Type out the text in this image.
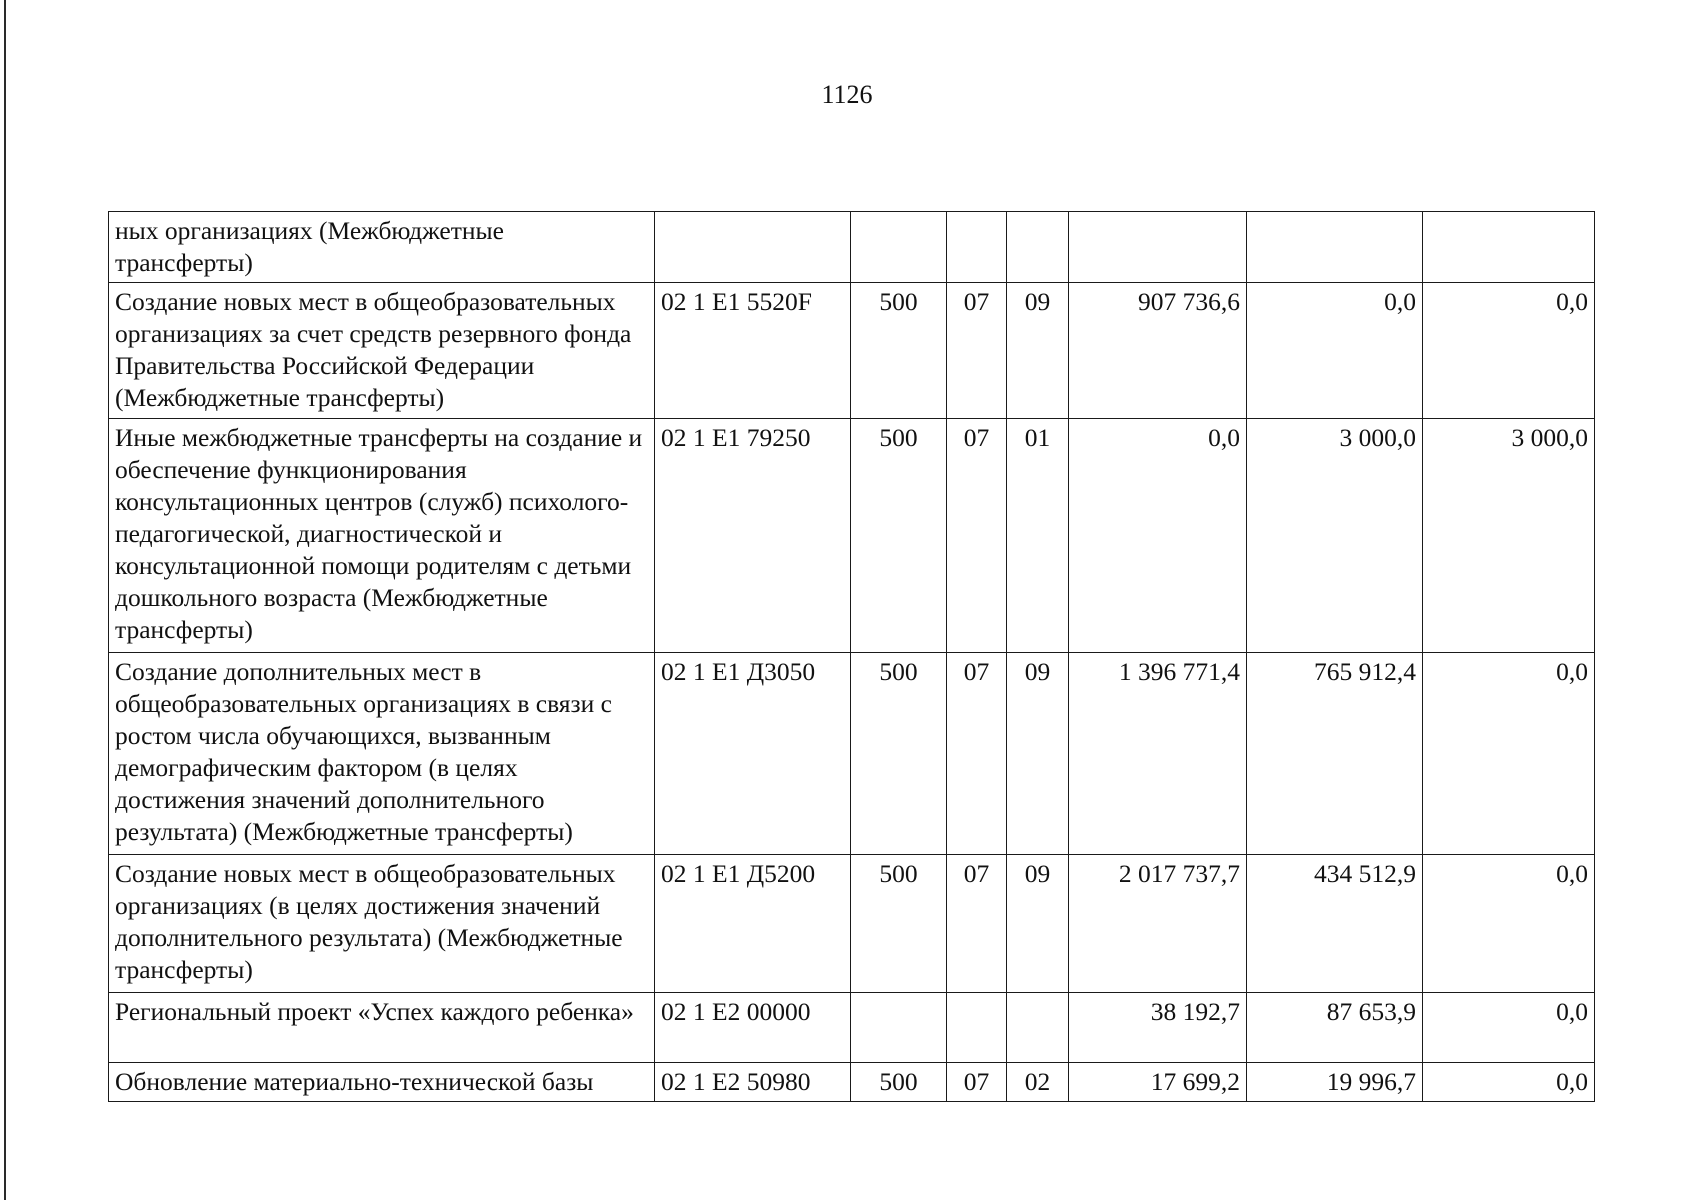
1126
ных организациях (Межбюджетные трансферты)							
Создание новых мест в общеобразовательных организациях за счет средств резервного фонда Правительства Российской Федерации (Межбюджетные трансферты)	02 1 E1 5520F	500	07	09	907 736,6	0,0	0,0
Иные межбюджетные трансферты на создание и обеспечение функционирования консультационных центров (служб) психолого-педагогической, диагностической и консультационной помощи родителям с детьми дошкольного возраста (Межбюджетные трансферты)	02 1 E1 79250	500	07	01	0,0	3 000,0	3 000,0
Создание дополнительных мест в общеобразовательных организациях в связи с ростом числа обучающихся, вызванным демографическим фактором (в целях достижения значений дополнительного результата) (Межбюджетные трансферты)	02 1 E1 Д3050	500	07	09	1 396 771,4	765 912,4	0,0
Создание новых мест в общеобразовательных организациях (в целях достижения значений дополнительного результата) (Межбюджетные трансферты)	02 1 E1 Д5200	500	07	09	2 017 737,7	434 512,9	0,0
Региональный проект «Успех каждого ребенка»	02 1 E2 00000				38 192,7	87 653,9	0,0
Обновление материально-технической базы	02 1 E2 50980	500	07	02	17 699,2	19 996,7	0,0
